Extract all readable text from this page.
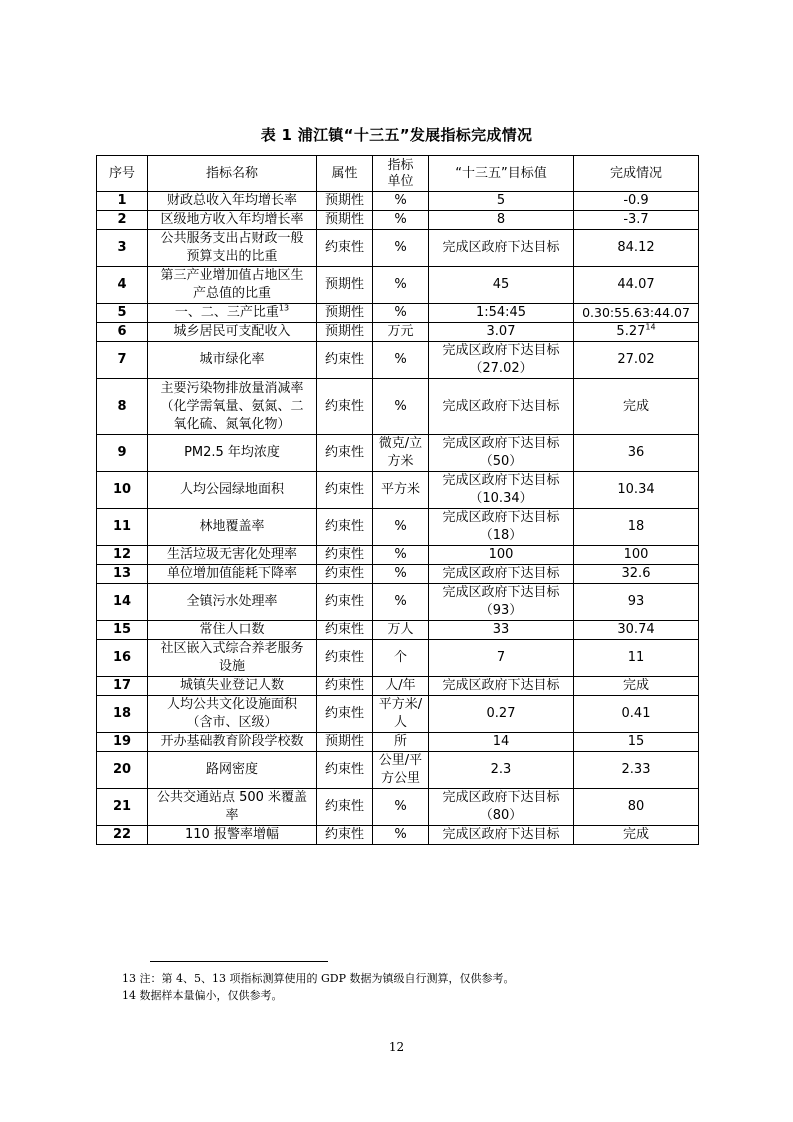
表 1 浦江镇“十三五”发展指标完成情况
序号	指标名称	属性	指标
单位	“十三五”目标值	完成情况
1	财政总收入年均增长率	预期性	%	5	-0.9
2	区级地方收入年均增长率	预期性	%	8	-3.7
3	公共服务支出占财政一般
预算支出的比重	约束性	%	完成区政府下达目标	84.12
4	第三产业增加值占地区生
产总值的比重	预期性	%	45	44.07
5	一、二、三产比重$^{13}$	预期性	%	1:54:45	0.30:55.63:44.07
6	城乡居民可支配收入	预期性	万元	3.07	5.27$^{14}$
7	城市绿化率	约束性	%	完成区政府下达目标
（27.02）	27.02
8	主要污染物排放量消减率
（化学需氧量、氨氮、二
氧化硫、氮氧化物）	约束性	%	完成区政府下达目标	完成
9	PM2.5 年均浓度	约束性	微克/立
方米	完成区政府下达目标
（50）	36
10	人均公园绿地面积	约束性	平方米	完成区政府下达目标
（10.34）	10.34
11	林地覆盖率	约束性	%	完成区政府下达目标
（18）	18
12	生活垃圾无害化处理率	约束性	%	100	100
13	单位增加值能耗下降率	约束性	%	完成区政府下达目标	32.6
14	全镇污水处理率	约束性	%	完成区政府下达目标
（93）	93
15	常住人口数	约束性	万人	33	30.74
16	社区嵌入式综合养老服务
设施	约束性	个	7	11
17	城镇失业登记人数	约束性	人/年	完成区政府下达目标	完成
18	人均公共文化设施面积
（含市、区级）	约束性	平方米/
人	0.27	0.41
19	开办基础教育阶段学校数	预期性	所	14	15
20	路网密度	约束性	公里/平
方公里	2.3	2.33
21	公共交通站点 500 米覆盖
率	约束性	%	完成区政府下达目标
（80）	80
22	110 报警率增幅	约束性	%	完成区政府下达目标	完成
13 注：第 4、5、13 项指标测算使用的 GDP 数据为镇级自行测算，仅供参考。
14 数据样本量偏小，仅供参考。
12
